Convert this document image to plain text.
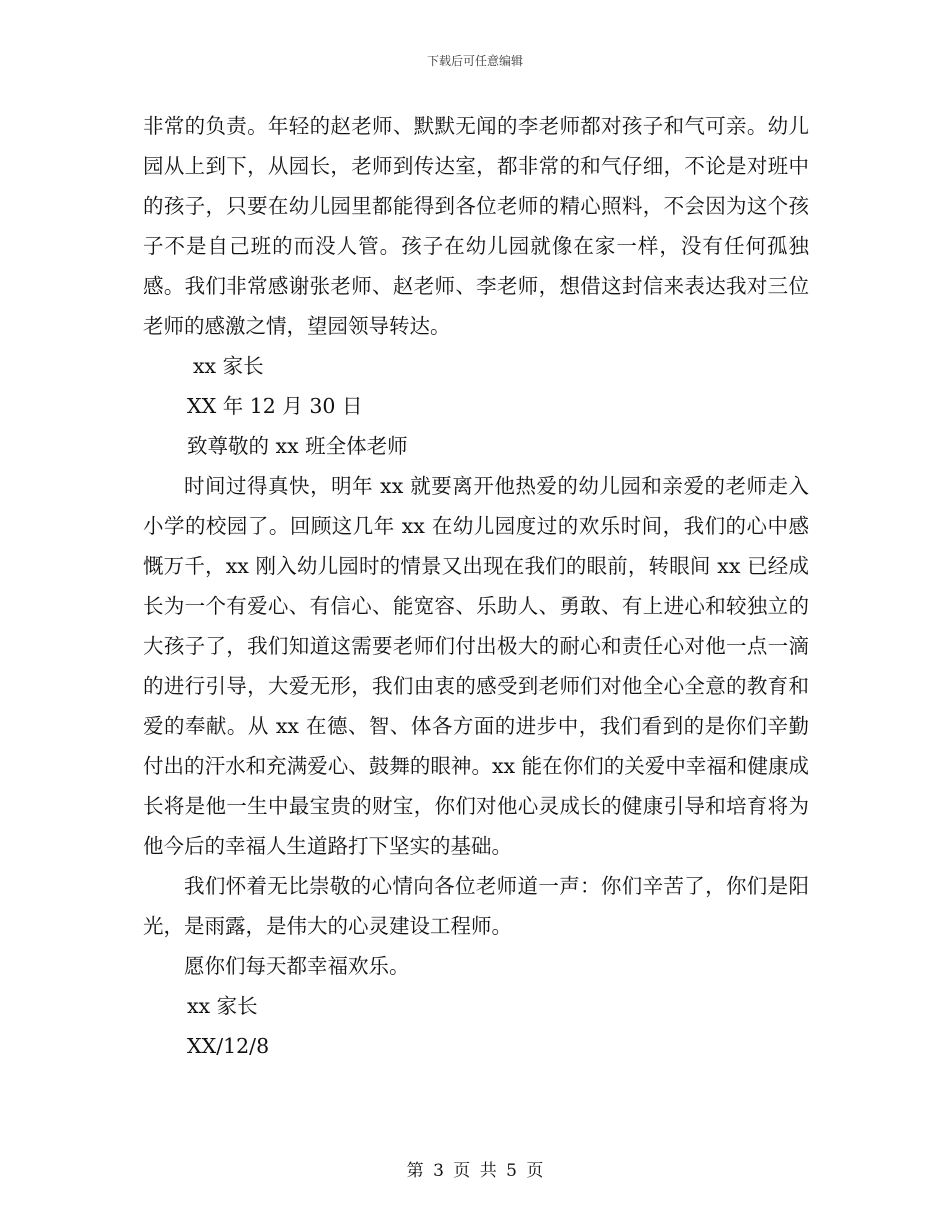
下载后可任意编辑

非常的负责。年轻的赵老师、默默无闻的李老师都对孩子和气可亲。幼儿园从上到下，从园长，老师到传达室，都非常的和气仔细，不论是对班中的孩子，只要在幼儿园里都能得到各位老师的精心照料，不会因为这个孩子不是自己班的而没人管。孩子在幼儿园就像在家一样，没有任何孤独感。我们非常感谢张老师、赵老师、李老师，想借这封信来表达我对三位老师的感激之情，望园领导转达。

xx 家长

XX 年 12 月 30 日

致尊敬的 xx 班全体老师

时间过得真快，明年 xx 就要离开他热爱的幼儿园和亲爱的老师走入小学的校园了。回顾这几年 xx 在幼儿园度过的欢乐时间，我们的心中感慨万千，xx 刚入幼儿园时的情景又出现在我们的眼前，转眼间 xx 已经成长为一个有爱心、有信心、能宽容、乐助人、勇敢、有上进心和较独立的大孩子了，我们知道这需要老师们付出极大的耐心和责任心对他一点一滴的进行引导，大爱无形，我们由衷的感受到老师们对他全心全意的教育和爱的奉献。从 xx 在德、智、体各方面的进步中，我们看到的是你们辛勤付出的汗水和充满爱心、鼓舞的眼神。xx 能在你们的关爱中幸福和健康成长将是他一生中最宝贵的财宝，你们对他心灵成长的健康引导和培育将为他今后的幸福人生道路打下坚实的基础。

我们怀着无比崇敬的心情向各位老师道一声：你们辛苦了，你们是阳光，是雨露，是伟大的心灵建设工程师。

愿你们每天都幸福欢乐。

xx 家长

XX/12/8

第 3 页 共 5 页
